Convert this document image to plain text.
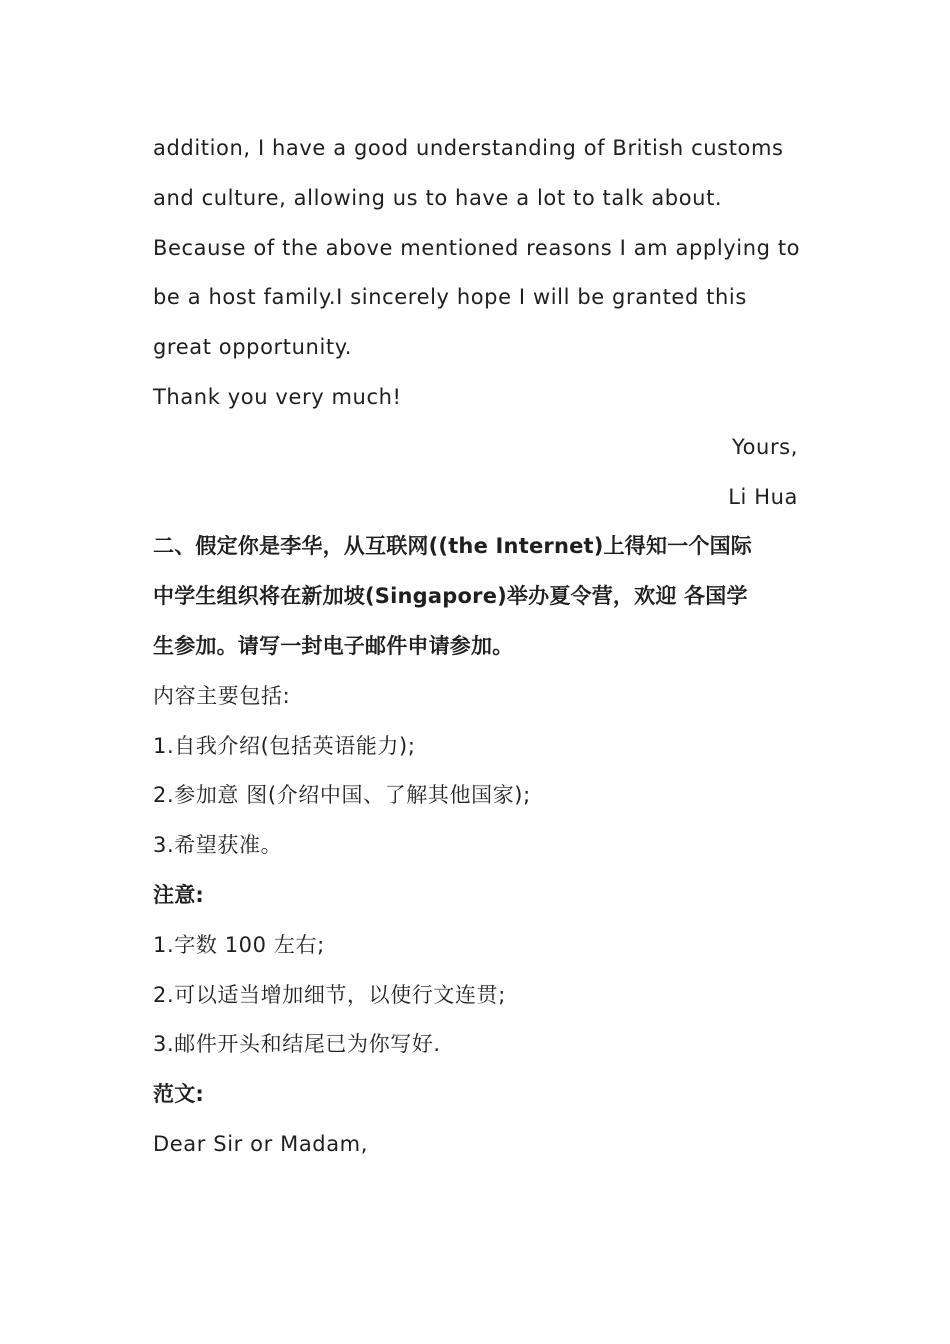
addition, I have a good understanding of British customs
and culture, allowing us to have a lot to talk about.
Because of the above mentioned reasons I am applying to
be a host family.I sincerely hope I will be granted this
great opportunity.
Thank you very much!
Yours,
Li Hua
二、假定你是李华，从互联网((the Internet)上得知一个国际
中学生组织将在新加坡(Singapore)举办夏令营，欢迎 各国学
生参加。请写一封电子邮件申请参加。
内容主要包括:
1.自我介绍(包括英语能力);
2.参加意 图(介绍中国、了解其他国家);
3.希望获准。
注意:
1.字数 100 左右;
2.可以适当增加细节，以使行文连贯;
3.邮件开头和结尾已为你写好.
范文:
Dear Sir or Madam,
